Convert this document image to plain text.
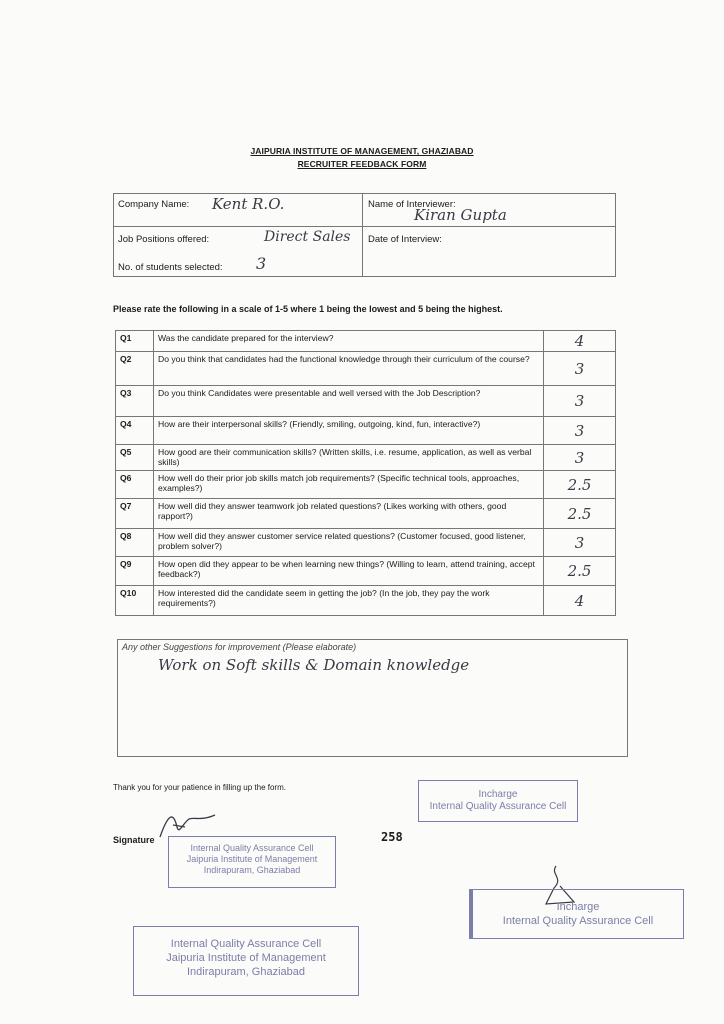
JAIPURIA INSTITUTE OF MANAGEMENT, GHAZIABAD
RECRUITER FEEDBACK FORM
Company Name: Kent R.O.	Name of Interviewer:
Kiran Gupta
Job Positions offered:	Direct Sales Date of Interview:
No. of students selected: 3
Please rate the following in a scale of 1-5 where 1 being the lowest and 5 being the highest.
Q1	Was the candidate prepared for the interview?	4
Q2	Do you think that candidates had the functional knowledge through their curriculum of the course?	3
Q3	Do you think Candidates were presentable and well versed with the Job Description?	3
Q4	How are their interpersonal skills? (Friendly, smiling, outgoing, kind, fun, interactive?)	3
Q5	How good are their communication skills? (Written skills, i.e. resume, application, as well as verbal skills)	3
Q6	How well do their prior job skills match job requirements? (Specific technical tools, approaches, examples?)	2.5
Q7	How well did they answer teamwork job related questions? (Likes working with others, good rapport?)	2.5
Q8	How well did they answer customer service related questions? (Customer focused, good listener, problem solver?)	3
Q9	How open did they appear to be when learning new things? (Willing to learn, attend training, accept feedback?)	2.5
Q10	How interested did the candidate seem in getting the job? (In the job, they pay the work requirements?)	4
Any other Suggestions for improvement (Please elaborate)
Work on Soft skills & Domain knowledge
Thank you for your patience in filling up the form.
Signature	258
Incharge
Internal Quality Assurance Cell
Internal Quality Assurance Cell
Jaipuria Institute of Management
Indirapuram, Ghaziabad
Incharge
Internal Quality Assurance Cell
Internal Quality Assurance Cell
Jaipuria Institute of Management
Indirapuram, Ghaziabad
